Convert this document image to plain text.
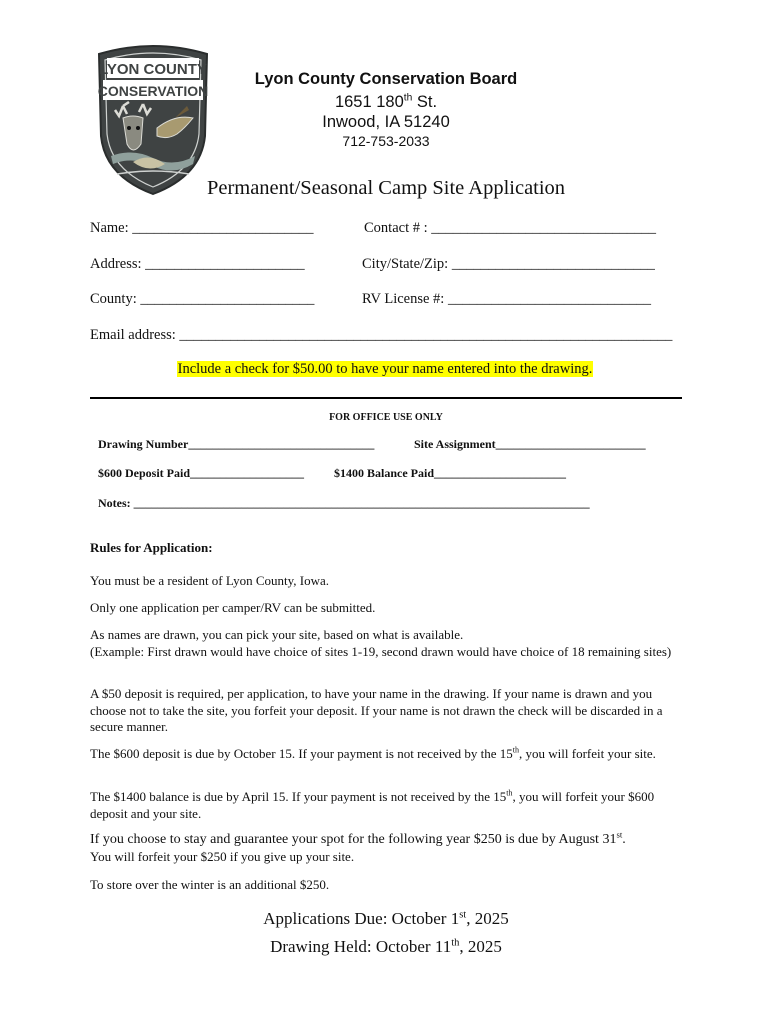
LYON COUNTY
CONSERVATION
Lyon County Conservation Board
1651 180th St.
Inwood, IA 51240
712-753-2033
Permanent/Seasonal Camp Site Application
Name: _________________________	Contact # : _______________________________
Address: ______________________	City/State/Zip: ____________________________
County: ________________________	RV License #: ____________________________
Email address: ____________________________________________________________________
Include a check for $50.00 to have your name entered into the drawing.
FOR OFFICE USE ONLY
Drawing Number_______________________________	Site Assignment_________________________
$600 Deposit Paid___________________ $1400 Balance Paid______________________
Notes: ____________________________________________________________________________
Rules for Application:
You must be a resident of Lyon County, Iowa.
Only one application per camper/RV can be submitted.
As names are drawn, you can pick your site, based on what is available.
(Example: First drawn would have choice of sites 1-19, second drawn would have choice of 18 remaining sites)
A $50 deposit is required, per application, to have your name in the drawing. If your name is drawn and you choose not to take the site, you forfeit your deposit. If your name is not drawn the check will be discarded in a secure manner.
The $600 deposit is due by October 15. If your payment is not received by the 15th, you will forfeit your site.
The $1400 balance is due by April 15. If your payment is not received by the 15th, you will forfeit your $600 deposit and your site.
If you choose to stay and guarantee your spot for the following year $250 is due by August 31st.
You will forfeit your $250 if you give up your site.
To store over the winter is an additional $250.
Applications Due: October 1st, 2025
Drawing Held: October 11th, 2025
